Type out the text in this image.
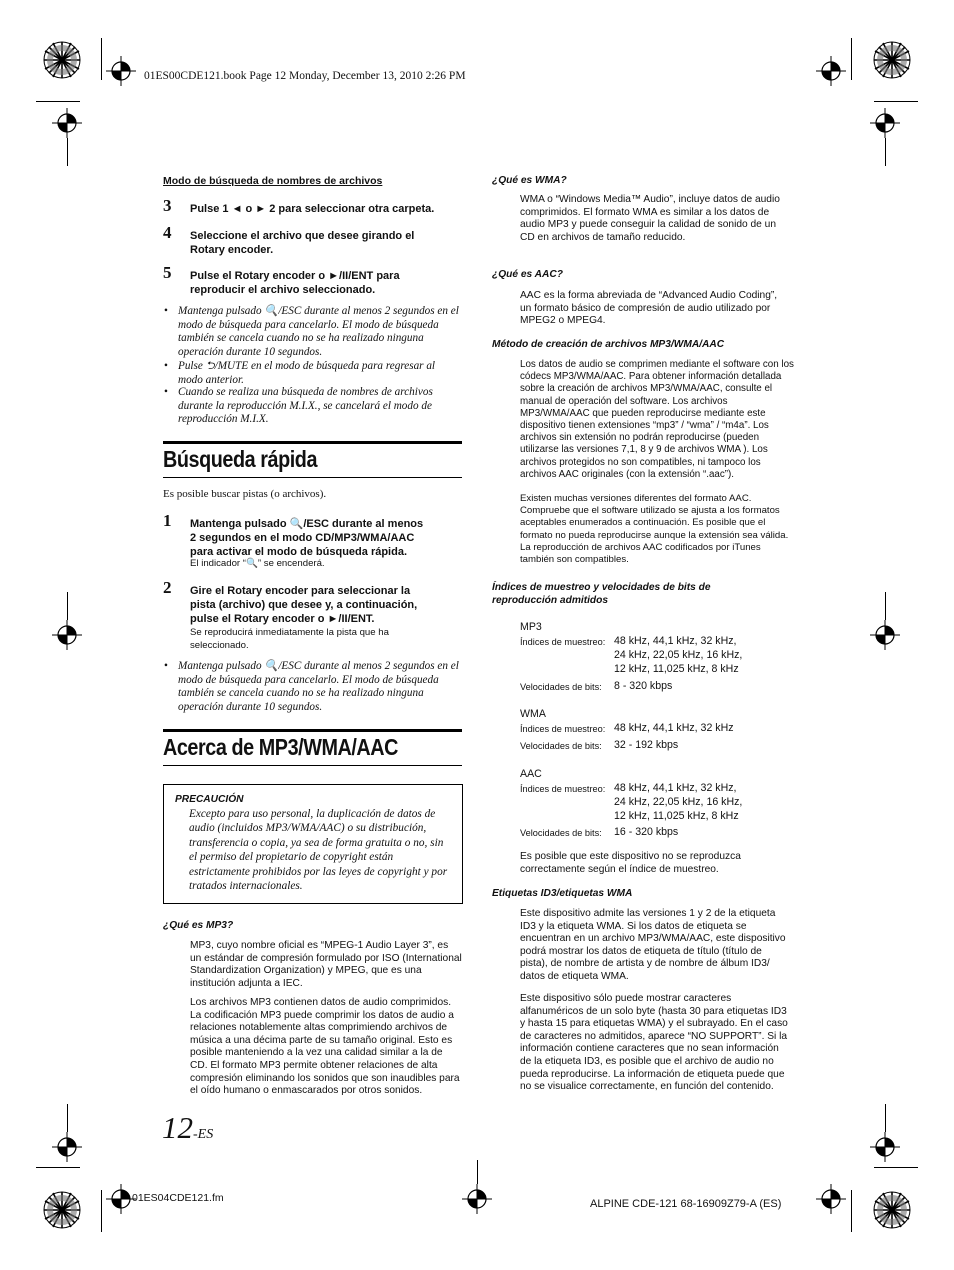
01ES00CDE121.book Page 12 Monday, December 13, 2010 2:26 PM
Modo de búsqueda de nombres de archivos
3 Pulse 1 ◄ o ► 2 para seleccionar otra carpeta.
4 Seleccione el archivo que desee girando el
Rotary encoder.
5 Pulse el Rotary encoder o ►/II/ENT para
reproducir el archivo seleccionado.
• Mantenga pulsado 🔍/ESC durante al menos 2 segundos en el modo de búsqueda para cancelarlo. El modo de búsqueda también se cancela cuando no se ha realizado ninguna operación durante 10 segundos.
• Pulse ⮌/MUTE en el modo de búsqueda para regresar al modo anterior.
• Cuando se realiza una búsqueda de nombres de archivos durante la reproducción M.I.X., se cancelará el modo de reproducción M.I.X.
Búsqueda rápida
Es posible buscar pistas (o archivos).
1 Mantenga pulsado 🔍/ESC durante al menos
2 segundos en el modo CD/MP3/WMA/AAC
para activar el modo de búsqueda rápida.
El indicador “🔍” se encenderá.
2 Gire el Rotary encoder para seleccionar la
pista (archivo) que desee y, a continuación,
pulse el Rotary encoder o ►/II/ENT.
Se reproducirá inmediatamente la pista que ha seleccionado.
• Mantenga pulsado 🔍/ESC durante al menos 2 segundos en el modo de búsqueda para cancelarlo. El modo de búsqueda también se cancela cuando no se ha realizado ninguna operación durante 10 segundos.
Acerca de MP3/WMA/AAC
PRECAUCIÓN
Excepto para uso personal, la duplicación de datos de audio (incluidos MP3/WMA/AAC) o su distribución, transferencia o copia, ya sea de forma gratuita o no, sin el permiso del propietario de copyright están estrictamente prohibidos por las leyes de copyright y por tratados internacionales.
¿Qué es MP3?
MP3, cuyo nombre oficial es “MPEG-1 Audio Layer 3”, es un estándar de compresión formulado por ISO (International Standardization Organization) y MPEG, que es una institución adjunta a IEC.
Los archivos MP3 contienen datos de audio comprimidos. La codificación MP3 puede comprimir los datos de audio a relaciones notablemente altas comprimiendo archivos de música a una décima parte de su tamaño original. Esto es posible manteniendo a la vez una calidad similar a la de CD. El formato MP3 permite obtener relaciones de alta compresión eliminando los sonidos que son inaudibles para el oído humano o enmascarados por otros sonidos.
12-ES
01ES04CDE121.fm
¿Qué es WMA?
WMA o “Windows Media™ Audio”, incluye datos de audio comprimidos. El formato WMA es similar a los datos de audio MP3 y puede conseguir la calidad de sonido de un CD en archivos de tamaño reducido.
¿Qué es AAC?
AAC es la forma abreviada de “Advanced Audio Coding”, un formato básico de compresión de audio utilizado por MPEG2 o MPEG4.
Método de creación de archivos MP3/WMA/AAC
Los datos de audio se comprimen mediante el software con los códecs MP3/WMA/AAC. Para obtener información detallada sobre la creación de archivos MP3/WMA/AAC, consulte el manual de operación del software. Los archivos MP3/WMA/AAC que pueden reproducirse mediante este dispositivo tienen extensiones “mp3” / “wma” / “m4a”. Los archivos sin extensión no podrán reproducirse (pueden utilizarse las versiones 7,1, 8 y 9 de archivos WMA ). Los archivos protegidos no son compatibles, ni tampoco los archivos AAC originales (con la extensión “.aac”).
Existen muchas versiones diferentes del formato AAC. Compruebe que el software utilizado se ajusta a los formatos aceptables enumerados a continuación. Es posible que el formato no pueda reproducirse aunque la extensión sea válida. La reproducción de archivos AAC codificados por iTunes también son compatibles.
Índices de muestreo y velocidades de bits de
reproducción admitidos
MP3
Índices de muestreo: 48 kHz, 44,1 kHz, 32 kHz,
24 kHz, 22,05 kHz, 16 kHz,
12 kHz, 11,025 kHz, 8 kHz
Velocidades de bits: 8 - 320 kbps
WMA
Índices de muestreo: 48 kHz, 44,1 kHz, 32 kHz
Velocidades de bits: 32 - 192 kbps
AAC
Índices de muestreo: 48 kHz, 44,1 kHz, 32 kHz,
24 kHz, 22,05 kHz, 16 kHz,
12 kHz, 11,025 kHz, 8 kHz
Velocidades de bits: 16 - 320 kbps
Es posible que este dispositivo no se reproduzca correctamente según el índice de muestreo.
Etiquetas ID3/etiquetas WMA
Este dispositivo admite las versiones 1 y 2 de la etiqueta ID3 y la etiqueta WMA. Si los datos de etiqueta se encuentran en un archivo MP3/WMA/AAC, este dispositivo podrá mostrar los datos de etiqueta de título (título de pista), de nombre de artista y de nombre de álbum ID3/ datos de etiqueta WMA.
Este dispositivo sólo puede mostrar caracteres alfanuméricos de un solo byte (hasta 30 para etiquetas ID3 y hasta 15 para etiquetas WMA) y el subrayado. En el caso de caracteres no admitidos, aparece “NO SUPPORT”. Si la información contiene caracteres que no sean información de la etiqueta ID3, es posible que el archivo de audio no pueda reproducirse. La información de etiqueta puede que no se visualice correctamente, en función del contenido.
ALPINE CDE-121 68-16909Z79-A (ES)
